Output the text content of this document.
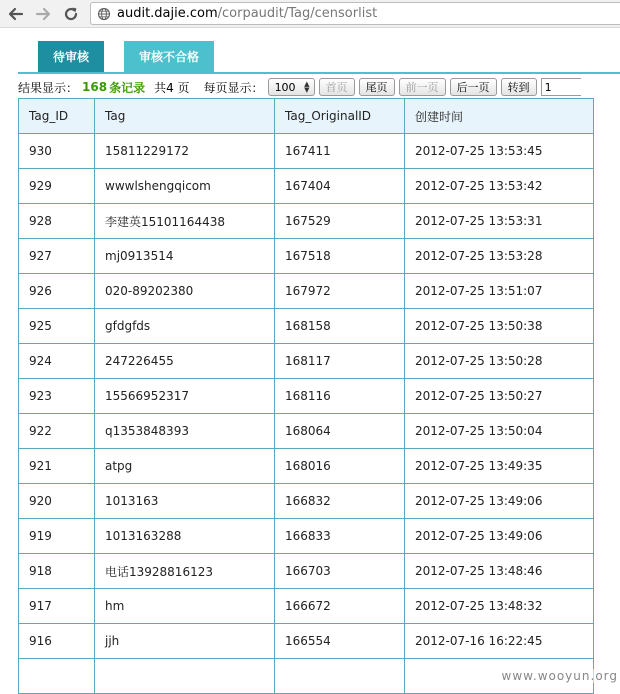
audit.dajie.com/corpaudit/Tag/censorlist
待审核	审核不合格
结果显示： 168 条记录 共4 页 每页显示： 100 ▲
▼	首页	尾页	前一页	后一页	转到	1
Tag_ID	Tag	Tag_OriginalID	创建时间
930	15811229172	167411	2012-07-25 13:53:45
929	wwwlshengqicom	167404	2012-07-25 13:53:42
928	李建英15101164438	167529	2012-07-25 13:53:31
927	mj0913514	167518	2012-07-25 13:53:28
926	020-89202380	167972	2012-07-25 13:51:07
925	gfdgfds	168158	2012-07-25 13:50:38
924	247226455	168117	2012-07-25 13:50:28
923	15566952317	168116	2012-07-25 13:50:27
922	q1353848393	168064	2012-07-25 13:50:04
921	atpg	168016	2012-07-25 13:49:35
920	1013163	166832	2012-07-25 13:49:06
919	1013163288	166833	2012-07-25 13:49:06
918	电话13928816123	166703	2012-07-25 13:48:46
917	hm	166672	2012-07-25 13:48:32
916	jjh	166554	2012-07-16 16:22:45

www.wooyun.org
